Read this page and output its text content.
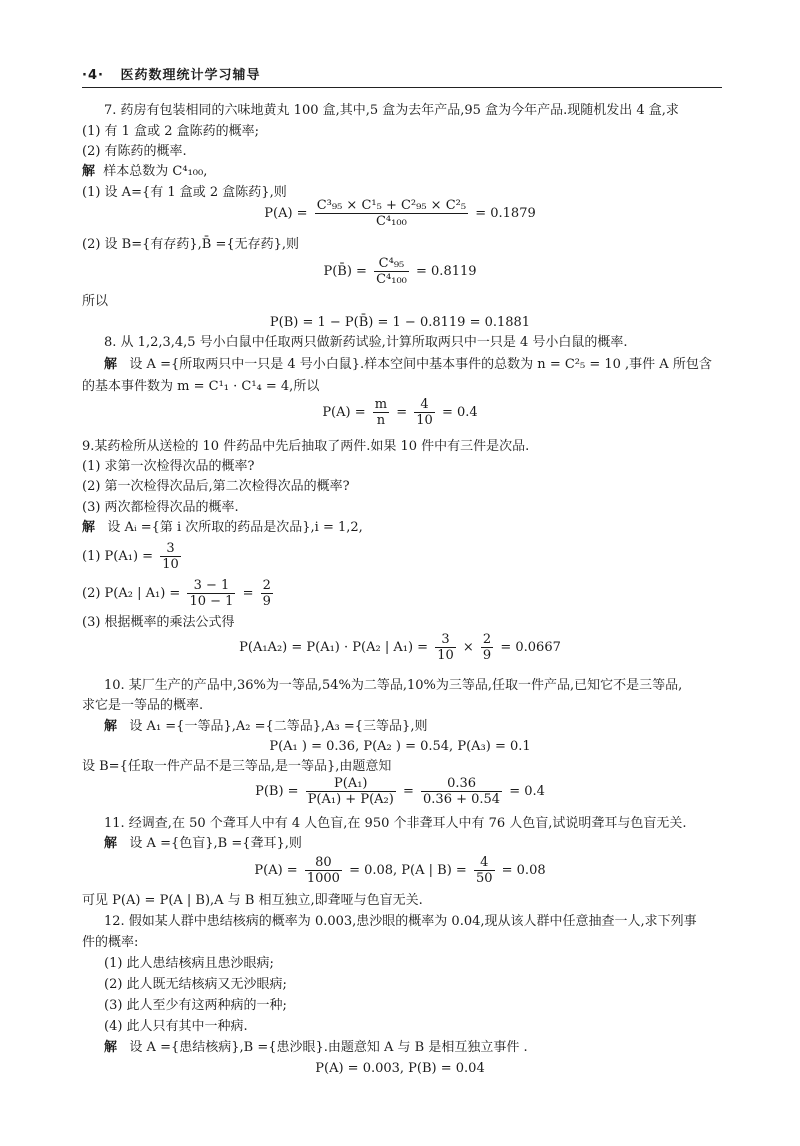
·4· 医药数理统计学习辅导
7. 药房有包装相同的六味地黄丸 100 盒,其中,5 盒为去年产品,95 盒为今年产品.现随机发出 4 盒,求
(1) 有 1 盒或 2 盒陈药的概率;
(2) 有陈药的概率.
解 样本总数为 C⁴₁₀₀,
(1) 设 A={有 1 盒或 2 盒陈药},则
$P(A) = \frac{\text{C³₉₅ × C¹₅ + C²₉₅ × C²₅}}{\text{C⁴₁₀₀}} = 0.1879$
(2) 设 B={有存药},B̄ ={无存药},则
P(B̄) = $\frac{\text{C⁴₉₅}}{\text{C⁴₁₀₀}} = 0.8119$
所以
P(B) = 1 − P(B̄) = 1 − 0.8119 = 0.1881
8. 从 1,2,3,4,5 号小白鼠中任取两只做新药试验,计算所取两只中一只是 4 号小白鼠的概率.
解 设 A ={所取两只中一只是 4 号小白鼠}.样本空间中基本事件的总数为 n = C²₅ = 10 ,事件 A 所包含
的基本事件数为 m = C¹₁ · C¹₄ = 4,所以
$P(A) = \frac{m}{n} = \frac{4}{10} = 0.4$
9.某药检所从送检的 10 件药品中先后抽取了两件.如果 10 件中有三件是次品.
(1) 求第一次检得次品的概率?
(2) 第一次检得次品后,第二次检得次品的概率?
(3) 两次都检得次品的概率.
解 设 Aᵢ ={第 i 次所取的药品是次品},i = 1,2,
(1) $P(A_1) = \frac{3}{10}$
(2) P(A₂ | $A_1) = \frac{3 - 1}{10 - 1} = \frac{2}{9}$
(3) 根据概率的乘法公式得
P(A₁A₂) = P(A₁) · P(A₂ | $A_1) = \frac{3}{10} \times \frac{2}{9} = 0.0667$
10. 某厂生产的产品中,36%为一等品,54%为二等品,10%为三等品,任取一件产品,已知它不是三等品,
求它是一等品的概率.
解 设 A₁ ={一等品},A₂ ={二等品},A₃ ={三等品},则
P(A₁ ) = 0.36, P(A₂ ) = 0.54, P(A₃) = 0.1
设 B={任取一件产品不是三等品,是一等品},由题意知
$P(B) = \frac{\text{P(A₁)}}{\text{P(A₁) + P(A₂)}} = \frac{0.36}{0.36 + 0.54} = 0.4$
11. 经调查,在 50 个聋耳人中有 4 人色盲,在 950 个非聋耳人中有 76 人色盲,试说明聋耳与色盲无关.
解 设 A ={色盲},B ={聋耳},则
$P(A) = \frac{80}{1000} = 0.08$, P(A | $B) = \frac{4}{50} = 0.08$
可见 P(A) = P(A | B),A 与 B 相互独立,即聋哑与色盲无关.
12. 假如某人群中患结核病的概率为 0.003,患沙眼的概率为 0.04,现从该人群中任意抽查一人,求下列事
件的概率:
(1) 此人患结核病且患沙眼病;
(2) 此人既无结核病又无沙眼病;
(3) 此人至少有这两种病的一种;
(4) 此人只有其中一种病.
解 设 A ={患结核病},B ={患沙眼}.由题意知 A 与 B 是相互独立事件 .
P(A) = 0.003, P(B) = 0.04
